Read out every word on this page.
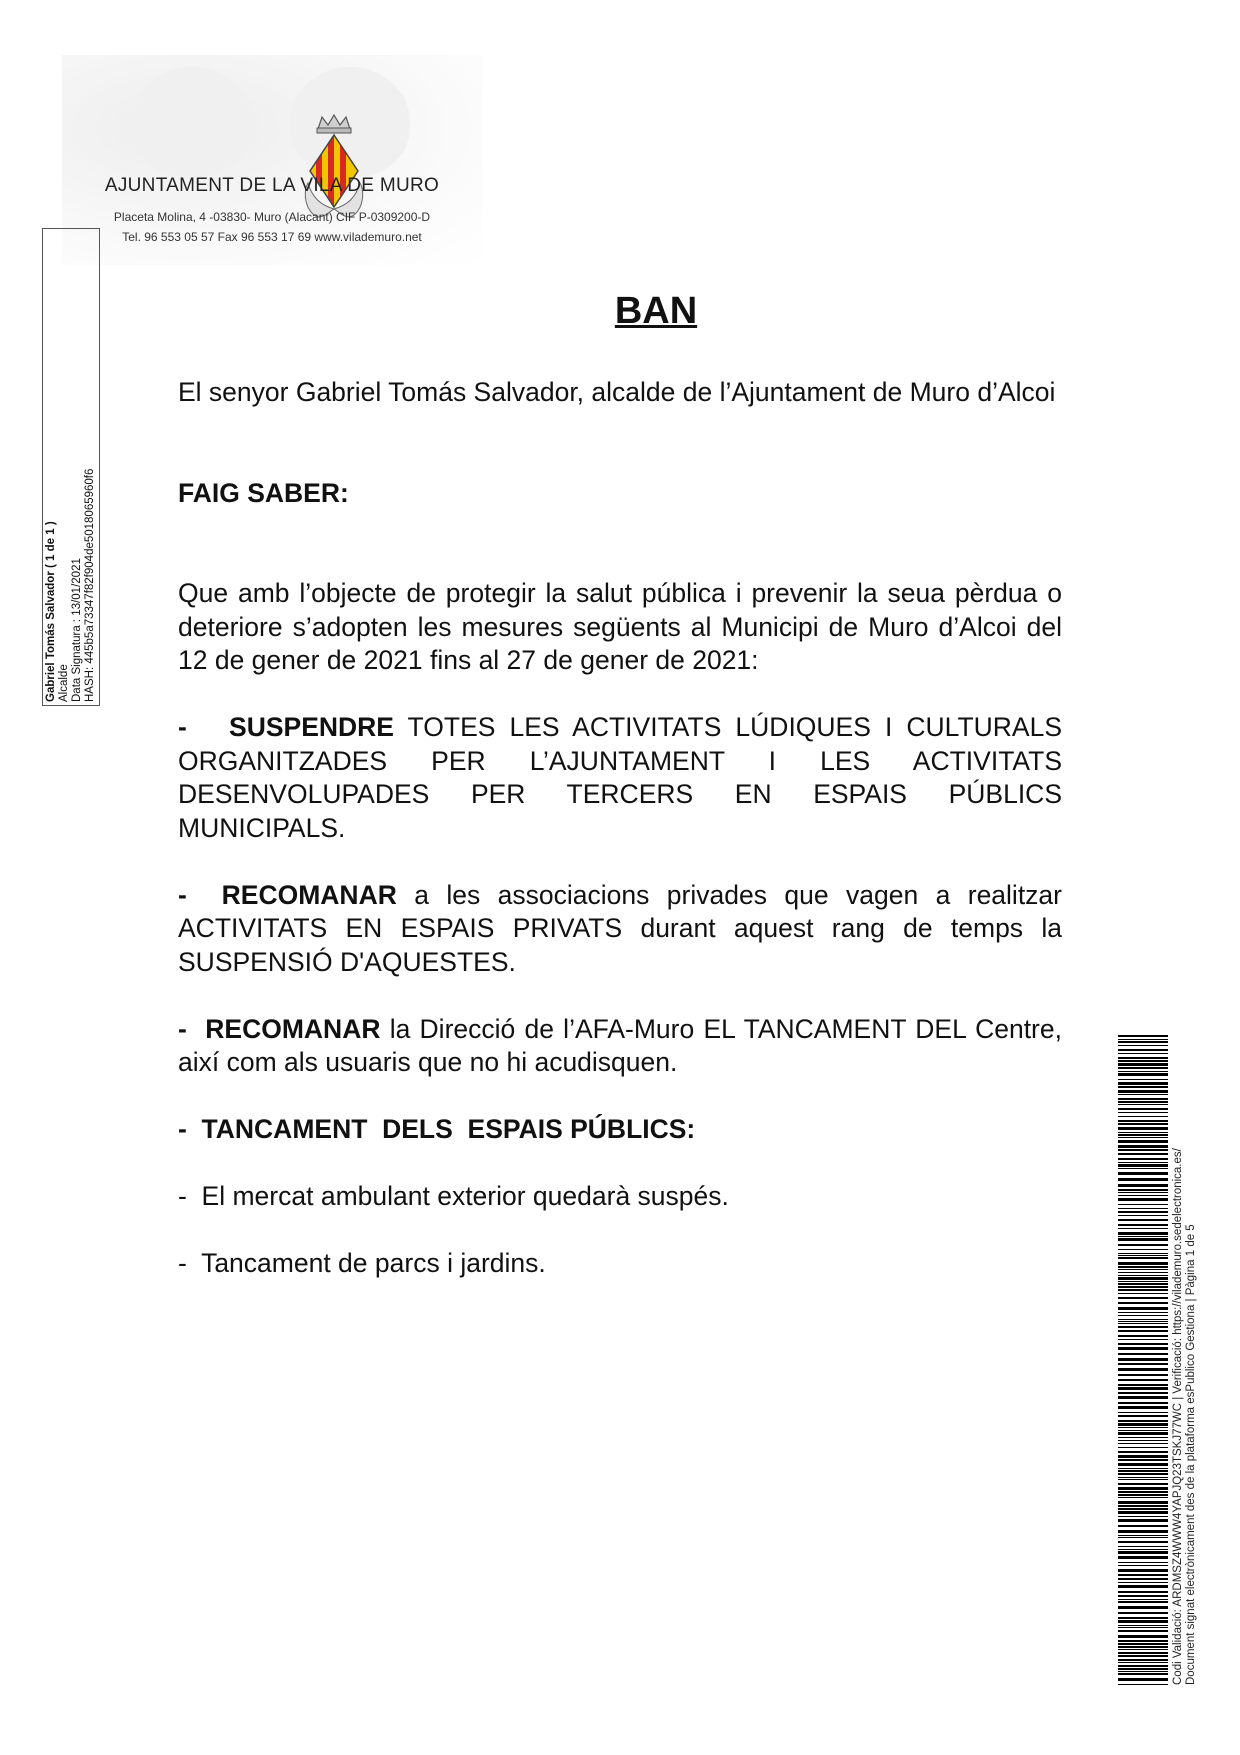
AJUNTAMENT DE LA VILA DE MURO
Placeta Molina, 4 -03830- Muro (Alacant) CIF P-0309200-D
Tel. 96 553 05 57 Fax 96 553 17 69 www.vilademuro.net
Gabriel Tomás Salvador ( 1 de 1 ) Alcalde Data Signatura : 13/01/2021 HASH: 445b5a73347f82f904de5018065960f6
BAN

El senyor Gabriel Tomás Salvador, alcalde de l’Ajuntament de Muro d’Alcoi

FAIG SABER:

Que amb l’objecte de protegir la salut pública i prevenir la seua pèrdua o deteriore s’adopten les mesures següents al Municipi de Muro d’Alcoi del 12 de gener de 2021 fins al 27 de gener de 2021:

- SUSPENDRE TOTES LES ACTIVITATS LÚDIQUES I CULTURALS ORGANITZADES PER L’AJUNTAMENT I LES ACTIVITATS DESENVOLUPADES PER TERCERS EN ESPAIS PÚBLICS MUNICIPALS.

- RECOMANAR a les associacions privades que vagen a realitzar ACTIVITATS EN ESPAIS PRIVATS durant aquest rang de temps la SUSPENSIÓ D'AQUESTES.

- RECOMANAR la Direcció de l’AFA-Muro EL TANCAMENT DEL Centre, així com als usuaris que no hi acudisquen.

-  TANCAMENT  DELS  ESPAIS PÚBLICS:

-  El mercat ambulant exterior quedarà suspés.

-  Tancament de parcs i jardins.	Codi Validació: ARDMSZ4WWW4YAPJQ23TSKJ77WC | Verificació: https://vilademuro.sedelectronica.es/ Document signat electrònicament des de la plataforma esPublico Gestiona | Pàgina 1 de 5
